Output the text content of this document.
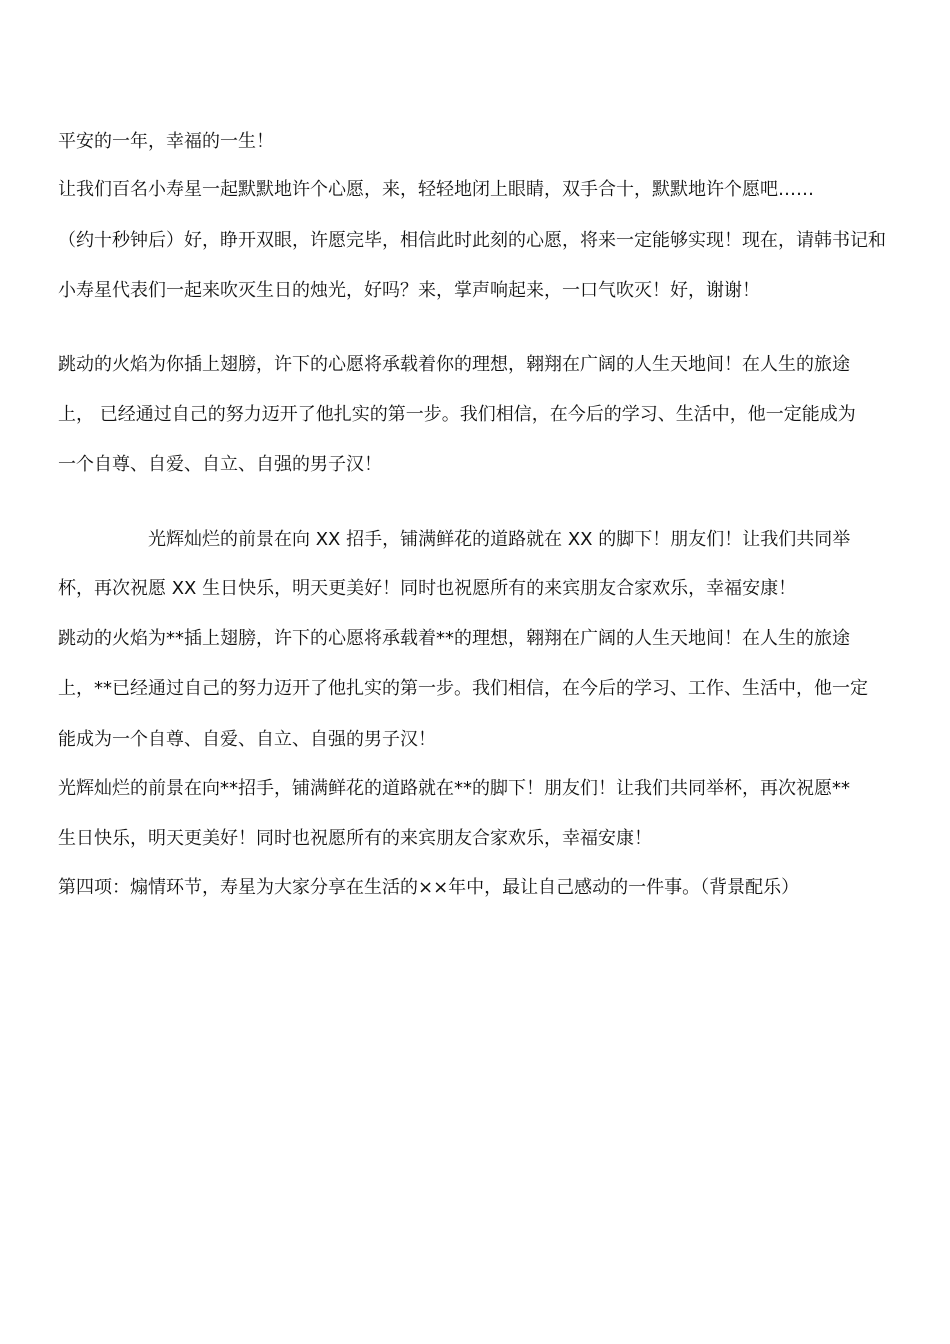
平安的一年，幸福的一生！
让我们百名小寿星一起默默地许个心愿，来，轻轻地闭上眼睛，双手合十，默默地许个愿吧……
（约十秒钟后）好，睁开双眼，许愿完毕，相信此时此刻的心愿，将来一定能够实现！现在，请韩书记和
小寿星代表们一起来吹灭生日的烛光，好吗？来，掌声响起来，一口气吹灭！好，谢谢！
跳动的火焰为你插上翅膀，许下的心愿将承载着你的理想，翱翔在广阔的人生天地间！在人生的旅途
上， 已经通过自己的努力迈开了他扎实的第一步。我们相信，在今后的学习、生活中，他一定能成为
一个自尊、自爱、自立、自强的男子汉！
光辉灿烂的前景在向 XX 招手，铺满鲜花的道路就在 XX 的脚下！朋友们！让我们共同举
杯，再次祝愿 XX 生日快乐，明天更美好！同时也祝愿所有的来宾朋友合家欢乐，幸福安康！
跳动的火焰为**插上翅膀，许下的心愿将承载着**的理想，翱翔在广阔的人生天地间！在人生的旅途
上，**已经通过自己的努力迈开了他扎实的第一步。我们相信，在今后的学习、工作、生活中，他一定
能成为一个自尊、自爱、自立、自强的男子汉！
光辉灿烂的前景在向**招手，铺满鲜花的道路就在**的脚下！朋友们！让我们共同举杯，再次祝愿**
生日快乐，明天更美好！同时也祝愿所有的来宾朋友合家欢乐，幸福安康！
第四项：煽情环节，寿星为大家分享在生活的××年中，最让自己感动的一件事。（背景配乐）
